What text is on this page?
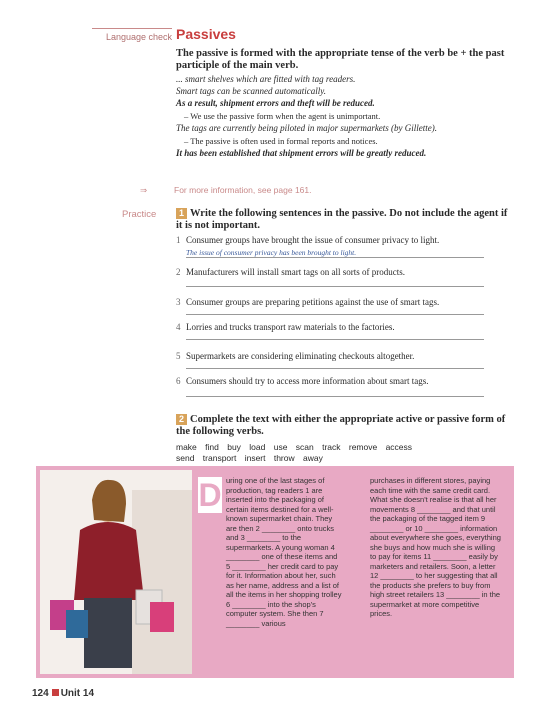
Language check Passives
The passive is formed with the appropriate tense of the verb be + the past participle of the main verb.
... smart shelves which are fitted with tag readers.
Smart tags can be scanned automatically.
As a result, shipment errors and theft will be reduced.
– We use the passive form when the agent is unimportant.
The tags are currently being piloted in major supermarkets (by Gillette).
– The passive is often used in formal reports and notices.
It has been established that shipment errors will be greatly reduced.
⇒	For more information, see page 161.
Practice	1 Write the following sentences in the passive. Do not include the agent if it is not important.
1 Consumer groups have brought the issue of consumer privacy to light.
The issue of consumer privacy has been brought to light.
2 Manufacturers will install smart tags on all sorts of products.
3 Consumer groups are preparing petitions against the use of smart tags.
4 Lorries and trucks transport raw materials to the factories.
5 Supermarkets are considering eliminating checkouts altogether.
6 Consumers should try to access more information about smart tags.
2 Complete the text with either the appropriate active or passive form of the following verbs.
make find buy load use scan track remove access
send transport insert throw away
D uring one of the last stages of production, tag readers 1 are inserted into the packaging of certain items destined for a well-known supermarket chain. They are then 2 ________ onto trucks and 3 ________ to the supermarkets. A young woman 4 ________ one of these items and 5 ________ her credit card to pay for it. Information about her, such as her name, address and a list of all the items in her shopping trolley 6 ________ into the shop's computer system. She then 7 ________ various
purchases in different stores, paying each time with the same credit card. What she doesn't realise is that all her movements 8 ________ and that until the packaging of the tagged item 9 ________ or 10 ________ information about everywhere she goes, everything she buys and how much she is willing to pay for items 11 ________ easily by marketers and retailers. Soon, a letter 12 ________ to her suggesting that all the products she prefers to buy from high street retailers 13 ________ in the supermarket at more competitive prices.
124 Unit 14
